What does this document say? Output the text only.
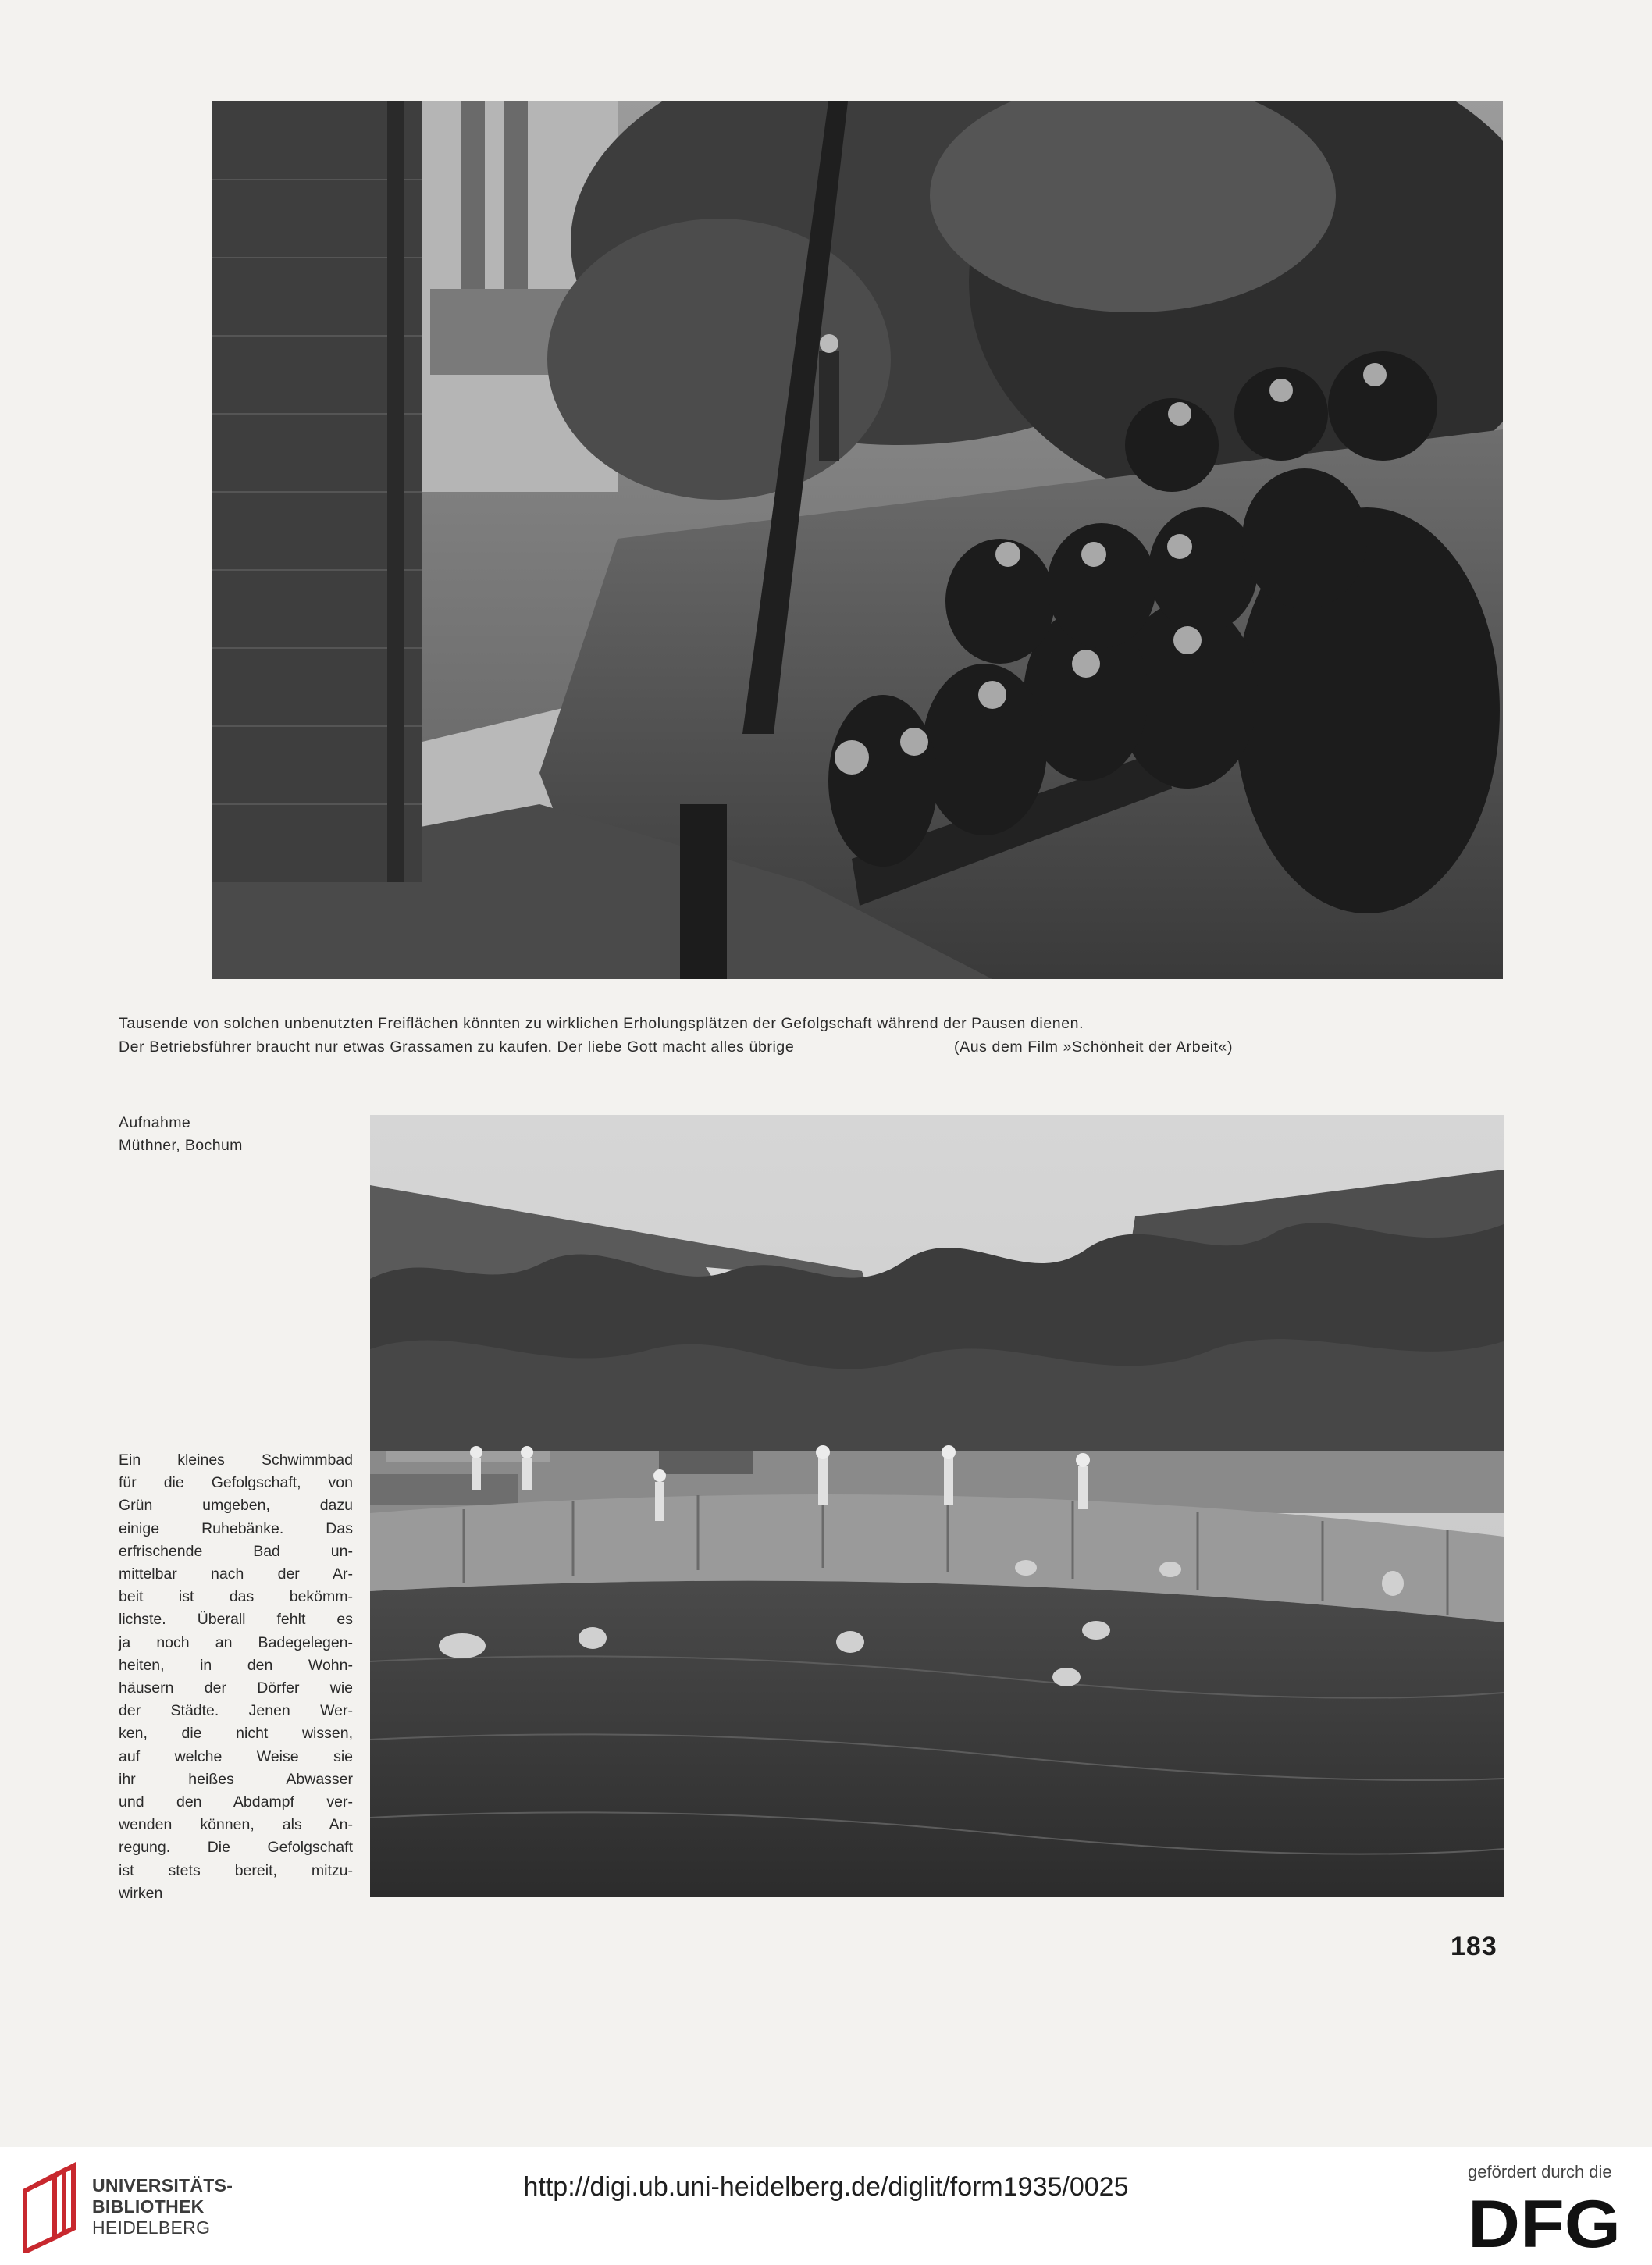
Tausende von solchen unbenutzten Freiflächen könnten zu wirklichen Erholungsplätzen der Gefolgschaft während der Pausen dienen.
Der Betriebsführer braucht nur etwas Grassamen zu kaufen. Der liebe Gott macht alles übrige	(Aus dem Film »Schönheit der Arbeit«)
Aufnahme
Müthner, Bochum
Ein kleines Schwimmbad
für die Gefolgschaft, von
Grün umgeben, dazu
einige Ruhebänke. Das
erfrischende Bad un-
mittelbar nach der Ar-
beit ist das bekömm-
lichste. Überall fehlt es
ja noch an Badegelegen-
heiten, in den Wohn-
häusern der Dörfer wie
der Städte. Jenen Wer-
ken, die nicht wissen,
auf welche Weise sie
ihr heißes Abwasser
und den Abdampf ver-
wenden können, als An-
regung. Die Gefolgschaft
ist stets bereit, mitzu-
wirken
183
UNIVERSITÄTS-
BIBLIOTHEK
HEIDELBERG
http://digi.ub.uni-heidelberg.de/diglit/form1935/0025
gefördert durch die
DFG
